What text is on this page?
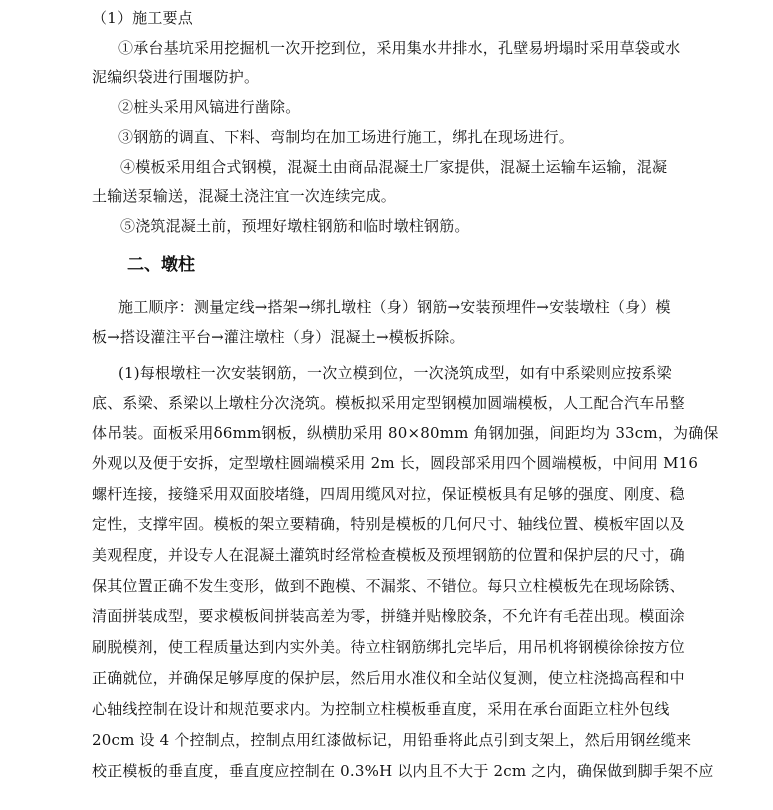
（1）施工要点
①承台基坑采用挖掘机一次开挖到位，采用集水井排水，孔壁易坍塌时采用草袋或水
泥编织袋进行围堰防护。
②桩头采用风镐进行凿除。
③钢筋的调直、下料、弯制均在加工场进行施工，绑扎在现场进行。
④模板采用组合式钢模，混凝土由商品混凝土厂家提供，混凝土运输车运输，混凝
土输送泵输送，混凝土浇注宜一次连续完成。
⑤浇筑混凝土前，预埋好墩柱钢筋和临时墩柱钢筋。
二、墩柱
施工顺序：测量定线→搭架→绑扎墩柱（身）钢筋→安装预埋件→安装墩柱（身）模
板→搭设灌注平台→灌注墩柱（身）混凝土→模板拆除。
(1)每根墩柱一次安装钢筋，一次立模到位，一次浇筑成型，如有中系梁则应按系梁
底、系梁、系梁以上墩柱分次浇筑。模板拟采用定型钢模加圆端模板，人工配合汽车吊整
体吊装。面板采用δ6mm钢板，纵横肋采用 80×80mm 角钢加强，间距均为 33cm，为确保
外观以及便于安拆，定型墩柱圆端模采用 2m 长，圆段部采用四个圆端模板，中间用 M16
螺杆连接，接缝采用双面胶堵缝，四周用缆风对拉，保证模板具有足够的强度、刚度、稳
定性，支撑牢固。模板的架立要精确，特别是模板的几何尺寸、轴线位置、模板牢固以及
美观程度，并设专人在混凝土灌筑时经常检查模板及预埋钢筋的位置和保护层的尺寸，确
保其位置正确不发生变形，做到不跑模、不漏浆、不错位。每只立柱模板先在现场除锈、
清面拼装成型，要求模板间拼装高差为零，拼缝并贴橡胶条，不允许有毛茬出现。模面涂
刷脱模剂，使工程质量达到内实外美。待立柱钢筋绑扎完毕后，用吊机将钢模徐徐按方位
正确就位，并确保足够厚度的保护层，然后用水准仪和全站仪复测，使立柱浇捣高程和中
心轴线控制在设计和规范要求内。为控制立柱模板垂直度，采用在承台面距立柱外包线
20cm 设 4 个控制点，控制点用红漆做标记，用铅垂将此点引到支架上，然后用钢丝缆来
校正模板的垂直度，垂直度应控制在 0.3%H 以内且不大于 2cm 之内，确保做到脚手架不应
